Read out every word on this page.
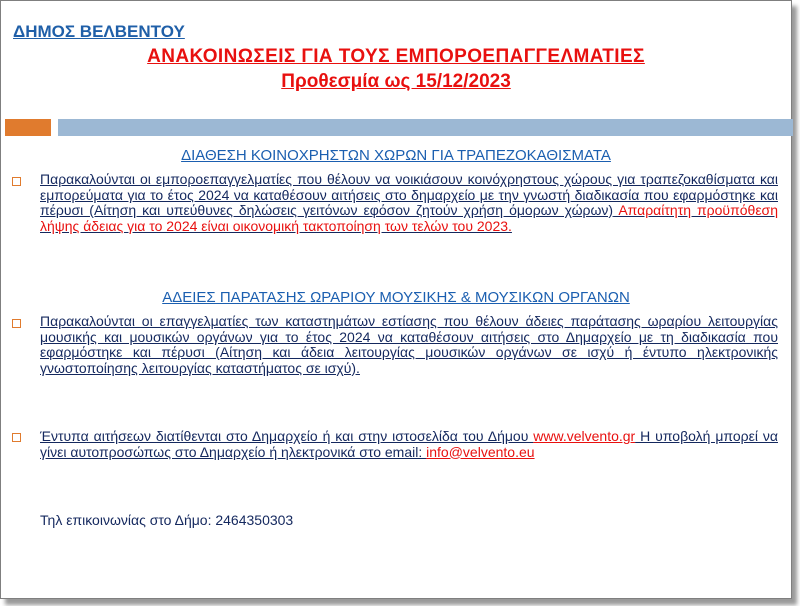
ΔΗΜΟΣ ΒΕΛΒΕΝΤΟΥ
ΑΝΑΚΟΙΝΩΣΕΙΣ ΓΙΑ ΤΟΥΣ ΕΜΠΟΡΟΕΠΑΓΓΕΛΜΑΤΙΕΣ
Προθεσμία ως 15/12/2023
ΔΙΑΘΕΣΗ ΚΟΙΝΟΧΡΗΣΤΩΝ ΧΩΡΩΝ ΓΙΑ ΤΡΑΠΕΖΟΚΑΘΙΣΜΑΤΑ
Παρακαλούνται οι εμποροεπαγγελματίες που θέλουν να νοικιάσουν κοινόχρηστους χώρους για τραπεζοκαθίσματα και εμπορεύματα για το έτος 2024 να καταθέσουν αιτήσεις στο δημαρχείο με την γνωστή διαδικασία που εφαρμόστηκε και πέρυσι (Αίτηση και υπεύθυνες δηλώσεις γειτόνων εφόσον ζητούν χρήση όμορων χώρων) Απαραίτητη προϋπόθεση λήψης άδειας για το 2024 είναι οικονομική τακτοποίηση των τελών του 2023.
ΑΔΕΙΕΣ ΠΑΡΑΤΑΣΗΣ ΩΡΑΡΙΟΥ ΜΟΥΣΙΚΗΣ & ΜΟΥΣΙΚΩΝ ΟΡΓΑΝΩΝ
Παρακαλούνται οι επαγγελματίες των καταστημάτων εστίασης που θέλουν άδειες παράτασης ωραρίου λειτουργίας μουσικής και μουσικών οργάνων για το έτος 2024 να καταθέσουν αιτήσεις στο Δημαρχείο με τη διαδικασία που εφαρμόστηκε και πέρυσι (Αίτηση και άδεια λειτουργίας μουσικών οργάνων σε ισχύ ή έντυπο ηλεκτρονικής γνωστοποίησης λειτουργίας καταστήματος σε ισχύ).
Έντυπα αιτήσεων διατίθενται στο Δημαρχείο ή και στην ιστοσελίδα του Δήμου www.velvento.gr Η υποβολή μπορεί να γίνει αυτοπροσώπως στο Δημαρχείο ή ηλεκτρονικά στο email: info@velvento.eu
Τηλ επικοινωνίας στο Δήμο: 2464350303
